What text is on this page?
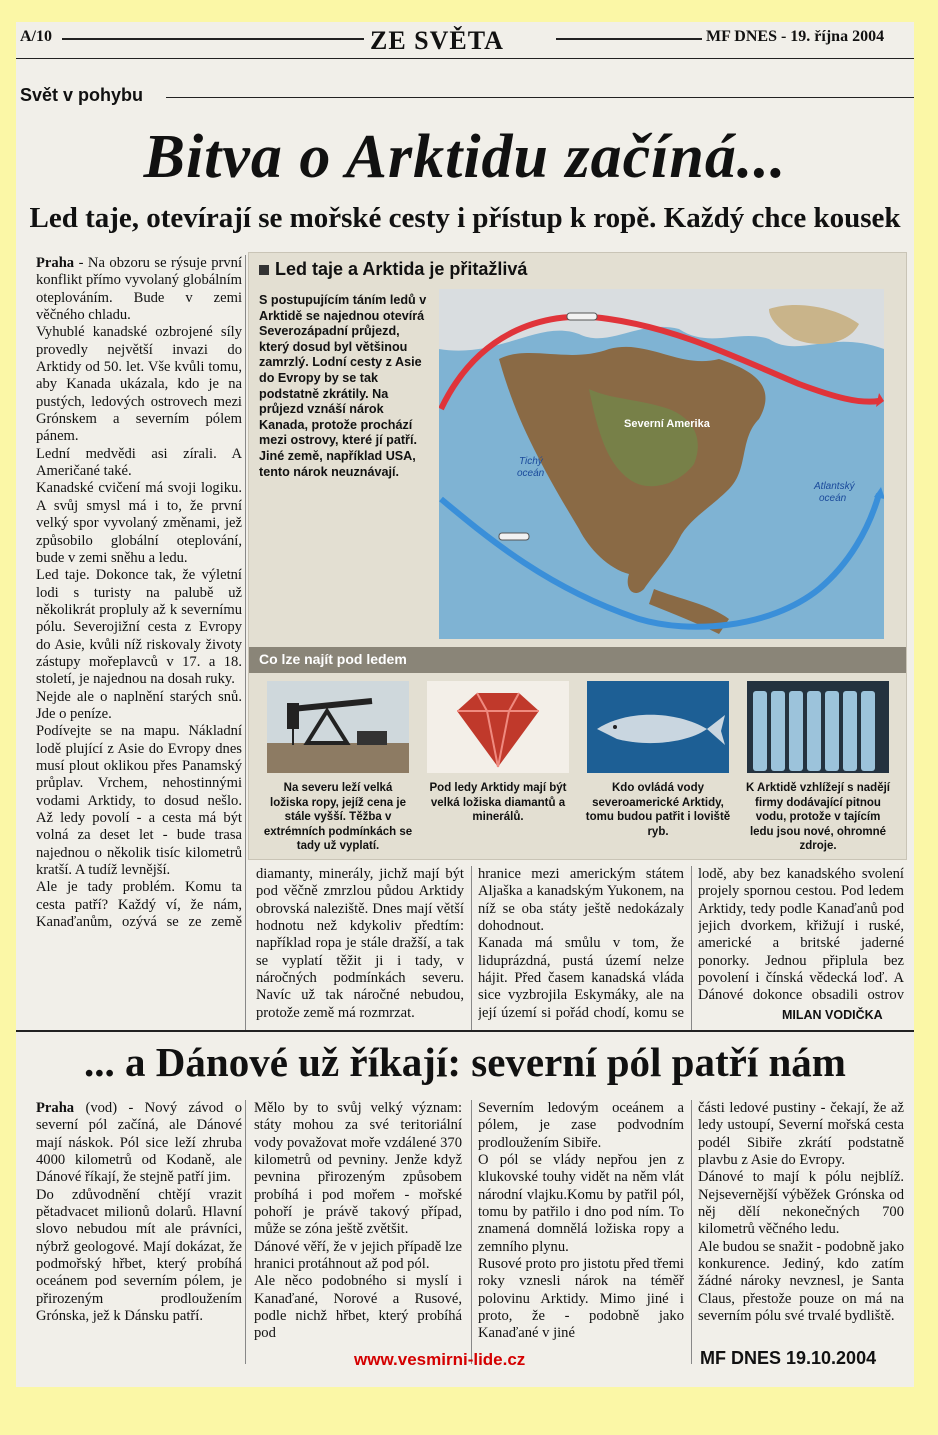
A/10	ZE SVĚTA	MF DNES - 19. října 2004
Svět v pohybu
Bitva o Arktidu začíná...
Led taje, otevírají se mořské cesty i přístup k ropě. Každý chce kousek
Praha - Na obzoru se rýsuje první konflikt přímo vyvolaný globálním oteplováním. Bude v zemi věčného chladu.
Vyhublé kanadské ozbrojené síly provedly největší invazi do Arktidy od 50. let. Vše kvůli tomu, aby Kanada ukázala, kdo je na pustých, ledových ostrovech mezi Grónskem a severním pólem pánem.
Lední medvědi asi zírali. A Američané také.
Kanadské cvičení má svoji logiku. A svůj smysl má i to, že první velký spor vyvolaný změnami, jež způsobilo globální oteplování, bude v zemi sněhu a ledu.
Led taje. Dokonce tak, že výletní lodi s turisty na palubě už několikrát propluly až k severnímu pólu. Severojižní cesta z Evropy do Asie, kvůli níž riskovaly životy zástupy mořeplavců v 17. a 18. století, je najednou na dosah ruky.
Nejde ale o naplnění starých snů. Jde o peníze.
Podívejte se na mapu. Nákladní lodě plující z Asie do Evropy dnes musí plout oklikou přes Panamský průplav. Vrchem, nehostinnými vodami Arktidy, to dosud nešlo. Až ledy povolí - a cesta má být volná za deset let - bude trasa najednou o několik tisíc kilometrů kratší. A tudíž levnější.
Ale je tady problém. Komu ta cesta patří? Každý ví, že nám, Kanaďanům, ozývá se ze země

Led taje a Arktida je přitažlivá
S postupujícím táním ledů v Arktidě se najednou otevírá Severozápadní průjezd, který dosud byl většinou zamrzlý. Lodní cesty z Asie do Evropy by se tak podstatně zkrátily. Na průjezd vznáší nárok Kanada, protože prochází mezi ostrovy, které jí patří. Jiné země, například USA, tento nárok neuznávají.
Severní Amerika
Tichý
oceán
Atlantský
oceán
Co lze najít pod ledem
Na severu leží velká ložiska ropy, jejíž cena je stále vyšší. Těžba v extrémních podmínkách se tady už vyplatí.
Pod ledy Arktidy mají být velká ložiska diamantů a minerálů.
Kdo ovládá vody severoamerické Arktidy, tomu budou patřit i loviště ryb.
K Arktidě vzhlížejí s nadějí firmy dodávající pitnou vodu, protože v tajícím ledu jsou nové, ohromné zdroje.
diamanty, minerály, jichž mají být pod věčně zmrzlou půdou Arktidy obrovská naleziště. Dnes mají větší hodnotu než kdykoliv předtím: například ropa je stále dražší, a tak se vyplatí těžit ji i tady, v náročných podmínkách severu. Navíc už tak náročné nebudou, protože země má rozmrzat.

hranice mezi americkým státem Aljaška a kanadským Yukonem, na níž se oba státy ještě nedokázaly dohodnout.
Kanada má smůlu v tom, že liduprázdná, pustá území nelze hájit. Před časem kanadská vláda sice vyzbrojila Eskymáky, ale na její území si pořád chodí, komu se
lodě, aby bez kanadského svolení projely spornou cestou. Pod ledem Arktidy, tedy podle Kanaďanů pod jejich dvorkem, křižují i ruské, americké a britské jaderné ponorky. Jednou připlula bez povolení i čínská vědecká loď. A Dánové dokonce obsadili ostrov

MILAN VODIČKA
... a Dánové už říkají: severní pól patří nám
Praha (vod) - Nový závod o severní pól začíná, ale Dánové mají náskok. Pól sice leží zhruba 4000 kilometrů od Kodaně, ale Dánové říkají, že stejně patří jim.
Do zdůvodnění chtějí vrazit pětadvacet milionů dolarů. Hlavní slovo nebudou mít ale právníci, nýbrž geologové. Mají dokázat, že podmořský hřbet, který probíhá oceánem pod severním pólem, je přirozeným prodloužením Grónska, jež k Dánsku patří.
Mělo by to svůj velký význam: státy mohou za své teritoriální vody považovat moře vzdálené 370 kilometrů od pevniny. Jenže když pevnina přirozeným způsobem probíhá i pod mořem - mořské pohoří je právě takový případ, může se zóna ještě zvětšit.
Dánové věří, že v jejich případě lze hranici protáhnout až pod pól.
Ale něco podobného si myslí i Kanaďané, Norové a Rusové, podle nichž hřbet, který probíhá pod
Severním ledovým oceánem a pólem, je zase podvodním prodloužením Sibiře.
O pól se vlády nepřou jen z klukovské touhy vidět na něm vlát národní vlajku.Komu by patřil pól, tomu by patřilo i dno pod ním. To znamená domnělá ložiska ropy a zemního plynu.
Rusové proto pro jistotu před třemi roky vznesli nárok na téměř polovinu Arktidy. Mimo jiné i proto, že - podobně jako Kanaďané v jiné
části ledové pustiny - čekají, že až ledy ustoupí, Severní mořská cesta podél Sibiře zkrátí podstatně plavbu z Asie do Evropy.
Dánové to mají k pólu nejblíž. Nejsevernější výběžek Grónska od něj dělí nekonečných 700 kilometrů věčného ledu.
Ale budou se snažit - podobně jako konkurence. Jediný, kdo zatím žádné nároky nevznesl, je Santa Claus, přestože pouze on má na severním pólu své trvalé bydliště.
www.vesmirni-lide.cz	MF DNES 19.10.2004
